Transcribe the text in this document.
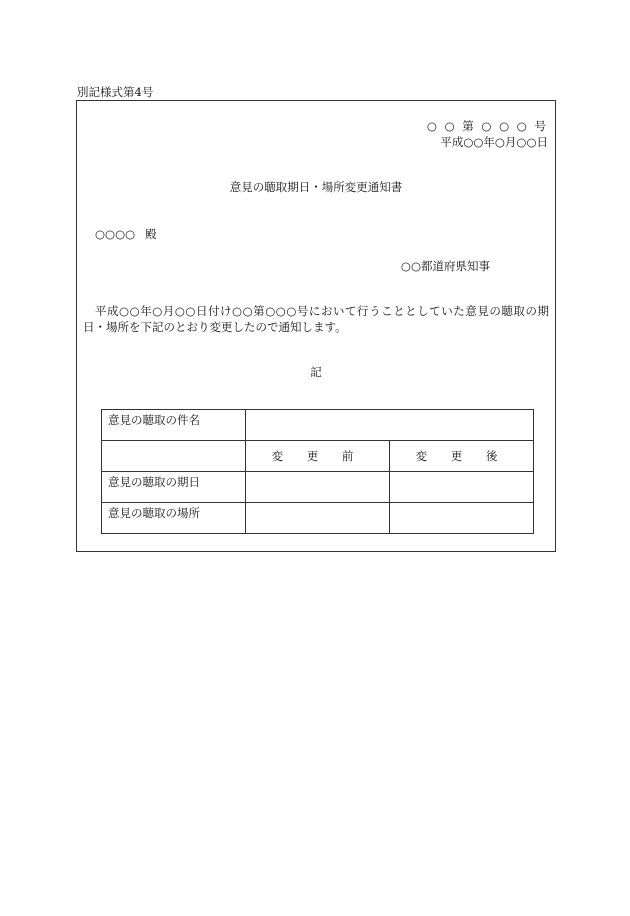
別記様式第4号
○ ○ 第 ○ ○ ○ 号
平成○○年○月○○日
意見の聴取期日・場所変更通知書
○○○○ 殿
○○都道府県知事
平成○○年○月○○日付け○○第○○○号において行うこととしていた意見の聴取の期日・場所を下記のとおり変更したので通知します。
記
意見の聴取の件名		
	変 更 前	変 更 後
意見の聴取の期日		
意見の聴取の場所		
